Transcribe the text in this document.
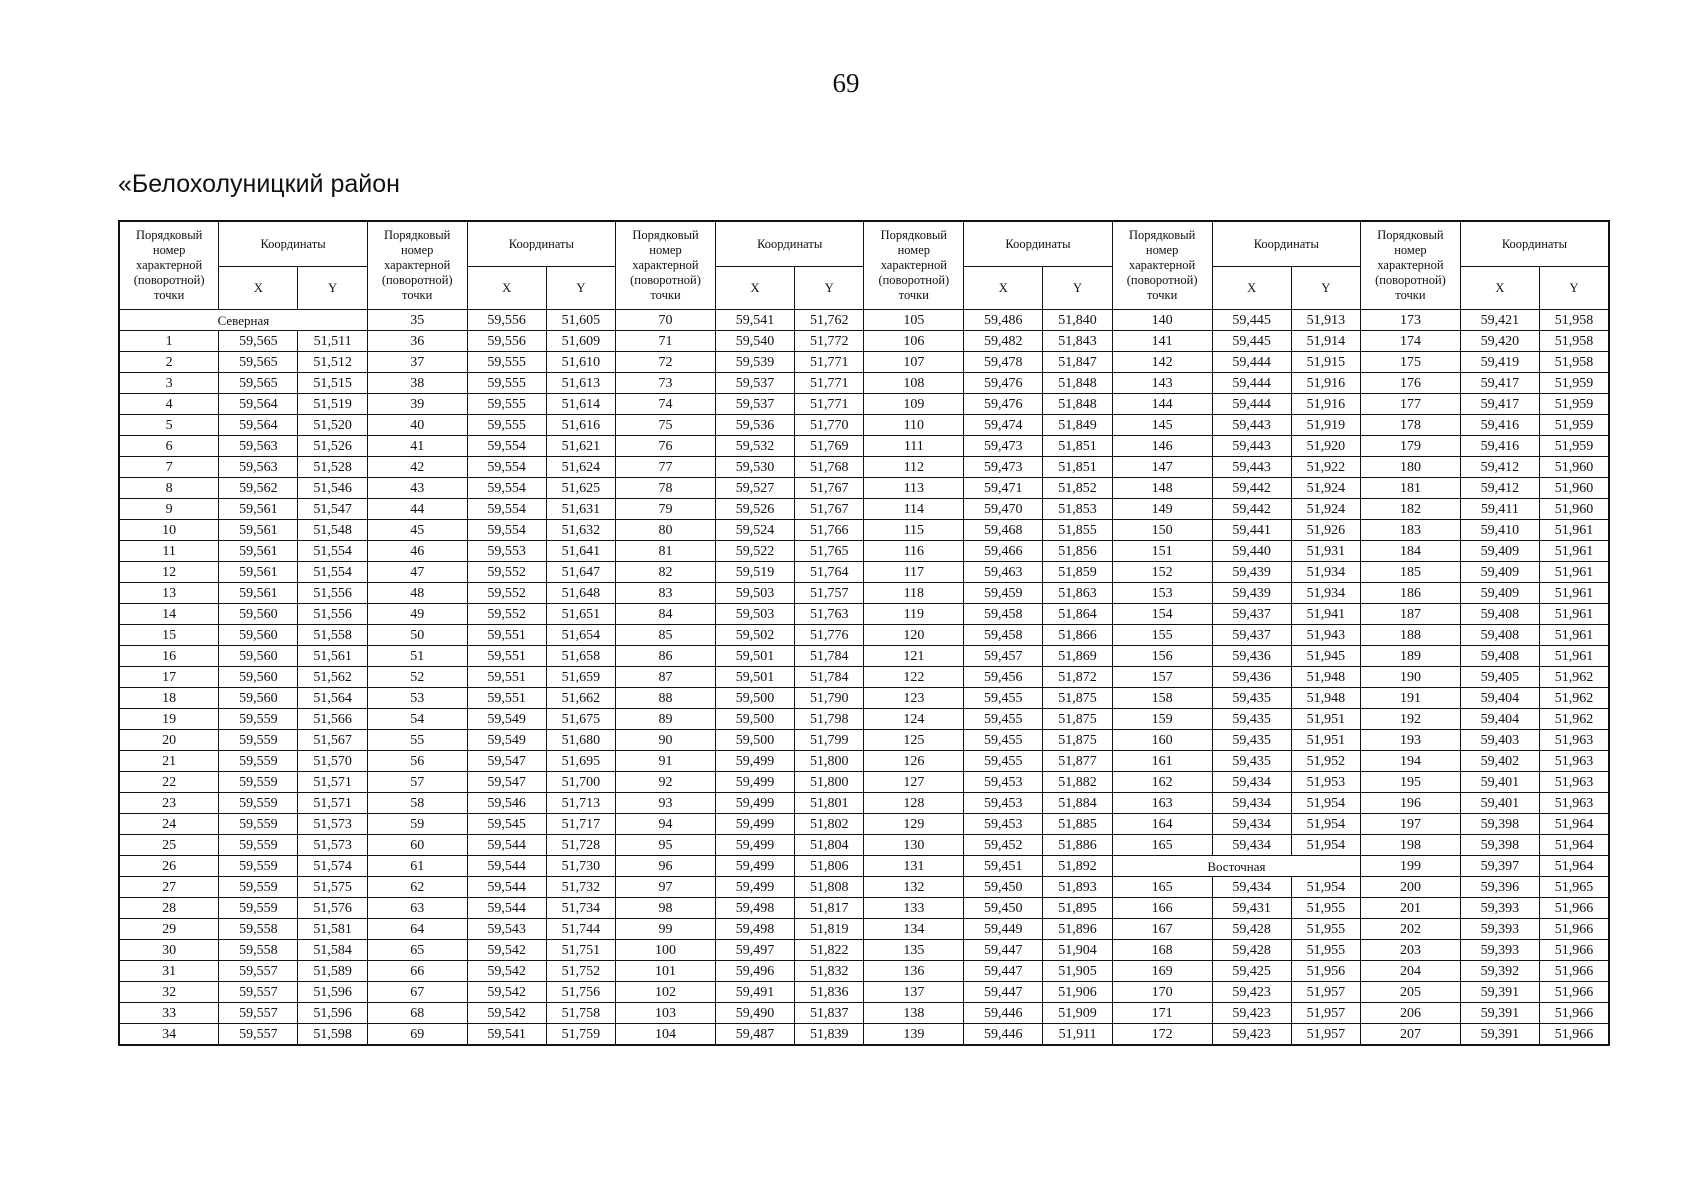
69
«Белохолуницкий район
Порядковый номер характерной (поворотной) точки	Координаты		Порядковый номер характерной (поворотной) точки	Координаты		Порядковый номер характерной (поворотной) точки	Координаты		Порядковый номер характерной (поворотной) точки	Координаты		Порядковый номер характерной (поворотной) точки	Координаты		Порядковый номер характерной (поворотной) точки	Координаты	
	X	Y		X	Y		X	Y		X	Y		X	Y		X	Y
Северная			35	59,556	51,605	70	59,541	51,762	105	59,486	51,840	140	59,445	51,913	173	59,421	51,958
1	59,565	51,511	36	59,556	51,609	71	59,540	51,772	106	59,482	51,843	141	59,445	51,914	174	59,420	51,958
2	59,565	51,512	37	59,555	51,610	72	59,539	51,771	107	59,478	51,847	142	59,444	51,915	175	59,419	51,958
3	59,565	51,515	38	59,555	51,613	73	59,537	51,771	108	59,476	51,848	143	59,444	51,916	176	59,417	51,959
4	59,564	51,519	39	59,555	51,614	74	59,537	51,771	109	59,476	51,848	144	59,444	51,916	177	59,417	51,959
5	59,564	51,520	40	59,555	51,616	75	59,536	51,770	110	59,474	51,849	145	59,443	51,919	178	59,416	51,959
6	59,563	51,526	41	59,554	51,621	76	59,532	51,769	111	59,473	51,851	146	59,443	51,920	179	59,416	51,959
7	59,563	51,528	42	59,554	51,624	77	59,530	51,768	112	59,473	51,851	147	59,443	51,922	180	59,412	51,960
8	59,562	51,546	43	59,554	51,625	78	59,527	51,767	113	59,471	51,852	148	59,442	51,924	181	59,412	51,960
9	59,561	51,547	44	59,554	51,631	79	59,526	51,767	114	59,470	51,853	149	59,442	51,924	182	59,411	51,960
10	59,561	51,548	45	59,554	51,632	80	59,524	51,766	115	59,468	51,855	150	59,441	51,926	183	59,410	51,961
11	59,561	51,554	46	59,553	51,641	81	59,522	51,765	116	59,466	51,856	151	59,440	51,931	184	59,409	51,961
12	59,561	51,554	47	59,552	51,647	82	59,519	51,764	117	59,463	51,859	152	59,439	51,934	185	59,409	51,961
13	59,561	51,556	48	59,552	51,648	83	59,503	51,757	118	59,459	51,863	153	59,439	51,934	186	59,409	51,961
14	59,560	51,556	49	59,552	51,651	84	59,503	51,763	119	59,458	51,864	154	59,437	51,941	187	59,408	51,961
15	59,560	51,558	50	59,551	51,654	85	59,502	51,776	120	59,458	51,866	155	59,437	51,943	188	59,408	51,961
16	59,560	51,561	51	59,551	51,658	86	59,501	51,784	121	59,457	51,869	156	59,436	51,945	189	59,408	51,961
17	59,560	51,562	52	59,551	51,659	87	59,501	51,784	122	59,456	51,872	157	59,436	51,948	190	59,405	51,962
18	59,560	51,564	53	59,551	51,662	88	59,500	51,790	123	59,455	51,875	158	59,435	51,948	191	59,404	51,962
19	59,559	51,566	54	59,549	51,675	89	59,500	51,798	124	59,455	51,875	159	59,435	51,951	192	59,404	51,962
20	59,559	51,567	55	59,549	51,680	90	59,500	51,799	125	59,455	51,875	160	59,435	51,951	193	59,403	51,963
21	59,559	51,570	56	59,547	51,695	91	59,499	51,800	126	59,455	51,877	161	59,435	51,952	194	59,402	51,963
22	59,559	51,571	57	59,547	51,700	92	59,499	51,800	127	59,453	51,882	162	59,434	51,953	195	59,401	51,963
23	59,559	51,571	58	59,546	51,713	93	59,499	51,801	128	59,453	51,884	163	59,434	51,954	196	59,401	51,963
24	59,559	51,573	59	59,545	51,717	94	59,499	51,802	129	59,453	51,885	164	59,434	51,954	197	59,398	51,964
25	59,559	51,573	60	59,544	51,728	95	59,499	51,804	130	59,452	51,886	165	59,434	51,954	198	59,398	51,964
26	59,559	51,574	61	59,544	51,730	96	59,499	51,806	131	59,451	51,892	Восточная			199	59,397	51,964
27	59,559	51,575	62	59,544	51,732	97	59,499	51,808	132	59,450	51,893	165	59,434	51,954	200	59,396	51,965
28	59,559	51,576	63	59,544	51,734	98	59,498	51,817	133	59,450	51,895	166	59,431	51,955	201	59,393	51,966
29	59,558	51,581	64	59,543	51,744	99	59,498	51,819	134	59,449	51,896	167	59,428	51,955	202	59,393	51,966
30	59,558	51,584	65	59,542	51,751	100	59,497	51,822	135	59,447	51,904	168	59,428	51,955	203	59,393	51,966
31	59,557	51,589	66	59,542	51,752	101	59,496	51,832	136	59,447	51,905	169	59,425	51,956	204	59,392	51,966
32	59,557	51,596	67	59,542	51,756	102	59,491	51,836	137	59,447	51,906	170	59,423	51,957	205	59,391	51,966
33	59,557	51,596	68	59,542	51,758	103	59,490	51,837	138	59,446	51,909	171	59,423	51,957	206	59,391	51,966
34	59,557	51,598	69	59,541	51,759	104	59,487	51,839	139	59,446	51,911	172	59,423	51,957	207	59,391	51,966
